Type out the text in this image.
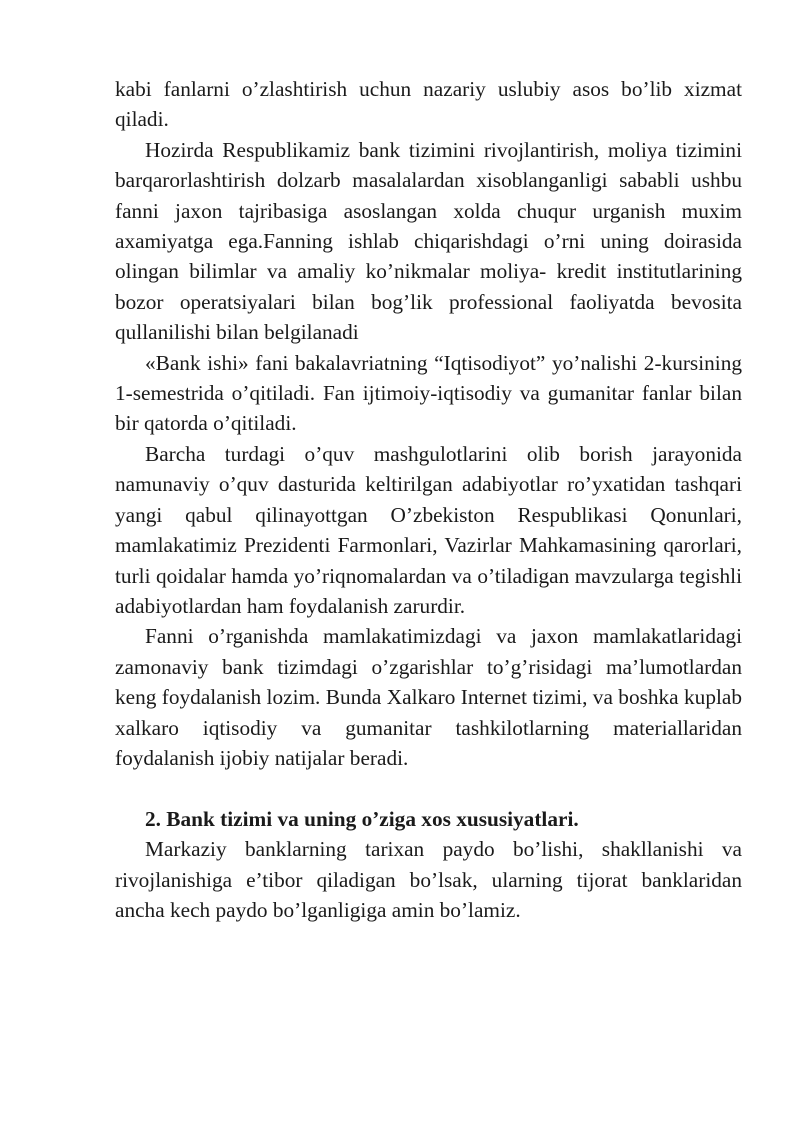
kabi fanlarni o’zlashtirish uchun nazariy uslubiy asos bo’lib xizmat qiladi.

Hozirda Respublikamiz bank tizimini rivojlantirish, moliya tizimini barqarorlashtirish dolzarb masalalardan xisoblanganligi sababli ushbu fanni jaxon tajribasiga asoslangan xolda chuqur urganish muxim axamiyatga ega.Fanning ishlab chiqarishdagi o’rni uning doirasida olingan bilimlar va amaliy ko’nikmalar moliya- kredit institutlarining bozor operatsiyalari bilan bog’lik professional faoliyatda bevosita qullanilishi bilan belgilanadi

«Bank ishi» fani bakalavriatning “Iqtisodiyot” yo’nalishi 2-kursining 1-semestrida o’qitiladi. Fan ijtimoiy-iqtisodiy va gumanitar fanlar bilan bir qatorda o’qitiladi.

Barcha turdagi o’quv mashgulotlarini olib borish jarayonida namunaviy o’quv dasturida keltirilgan adabiyotlar ro’yxatidan tashqari yangi qabul qilinayottgan O’zbekiston Respublikasi Qonunlari, mamlakatimiz Prezidenti Farmonlari, Vazirlar Mahkamasining qarorlari, turli qoidalar hamda yo’riqnomalardan va o’tiladigan mavzularga tegishli adabiyotlardan ham foydalanish zarurdir.

Fanni o’rganishda mamlakatimizdagi va jaxon mamlakatlaridagi zamonaviy bank tizimdagi o’zgarishlar to’g’risidagi ma’lumotlardan keng foydalanish lozim. Bunda Xalkaro Internet tizimi, va boshka kuplab xalkaro iqtisodiy va gumanitar tashkilotlarning materiallaridan foydalanish ijobiy natijalar beradi.

2. Bank tizimi va uning o’ziga xos xususiyatlari.

Markaziy banklarning tarixan paydo bo’lishi, shakllanishi va rivojlanishiga e’tibor qiladigan bo’lsak, ularning tijorat banklaridan ancha kech paydo bo’lganligiga amin bo’lamiz.
